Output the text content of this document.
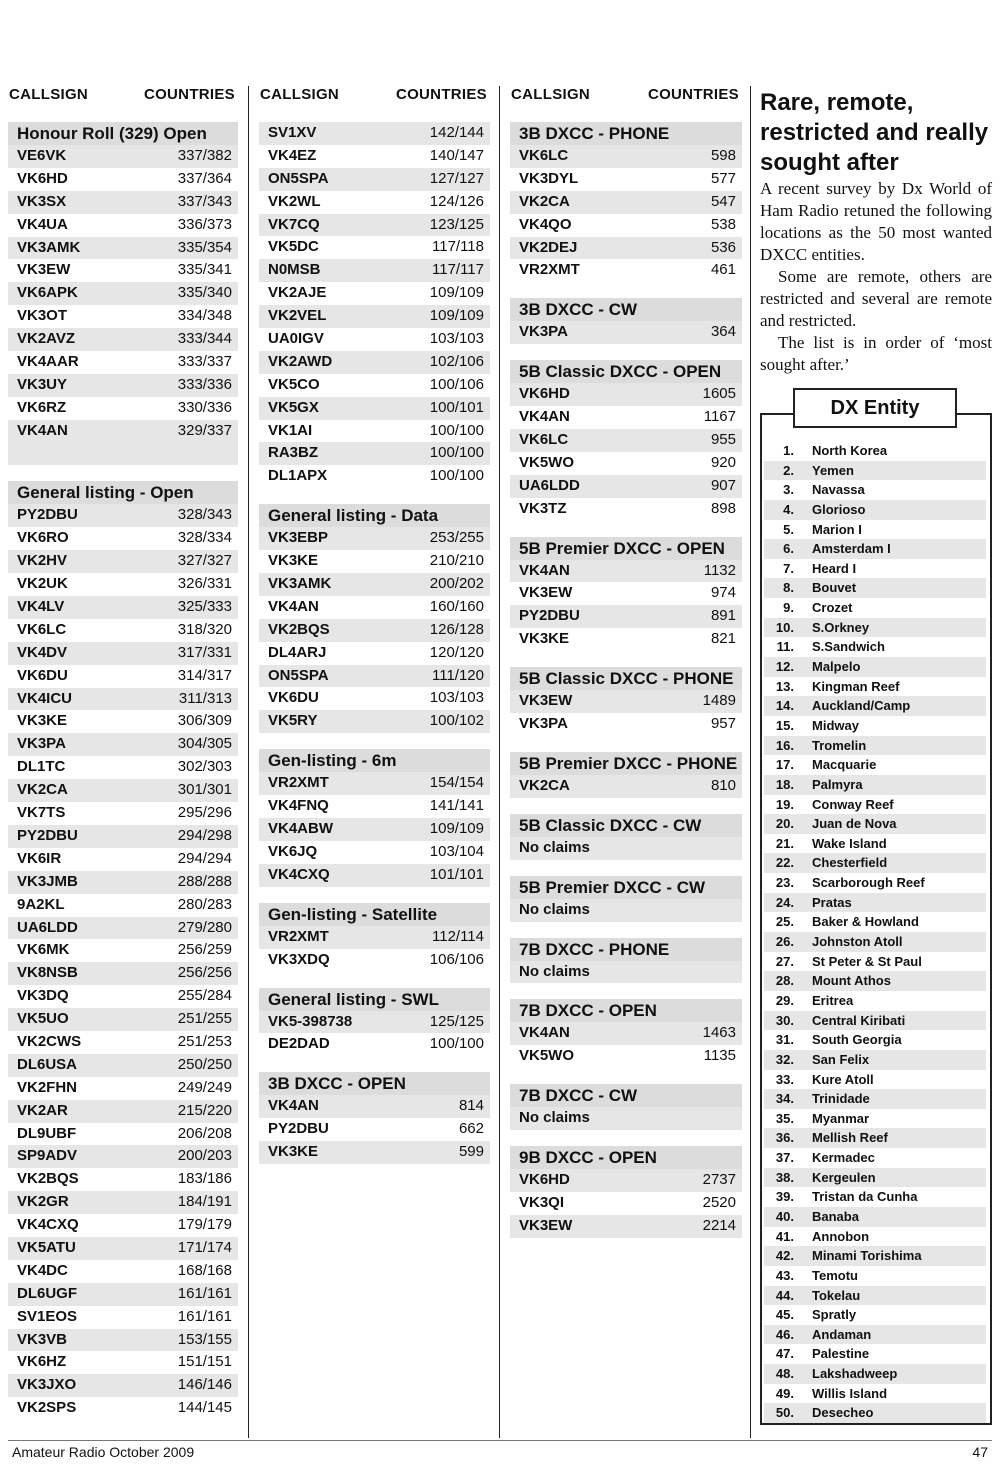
CALLSIGN	COUNTRIES
Honour Roll (329) Open
VE6VK	337/382
VK6HD	337/364
VK3SX	337/343
VK4UA	336/373
VK3AMK	335/354
VK3EW	335/341
VK6APK	335/340
VK3OT	334/348
VK2AVZ	333/344
VK4AAR	333/337
VK3UY	333/336
VK6RZ	330/336
VK4AN	329/337
General listing - Open
PY2DBU	328/343
VK6RO	328/334
VK2HV	327/327
VK2UK	326/331
VK4LV	325/333
VK6LC	318/320
VK4DV	317/331
VK6DU	314/317
VK4ICU	311/313
VK3KE	306/309
VK3PA	304/305
DL1TC	302/303
VK2CA	301/301
VK7TS	295/296
PY2DBU	294/298
VK6IR	294/294
VK3JMB	288/288
9A2KL	280/283
UA6LDD	279/280
VK6MK	256/259
VK8NSB	256/256
VK3DQ	255/284
VK5UO	251/255
VK2CWS	251/253
DL6USA	250/250
VK2FHN	249/249
VK2AR	215/220
DL9UBF	206/208
SP9ADV	200/203
VK2BQS	183/186
VK2GR	184/191
VK4CXQ	179/179
VK5ATU	171/174
VK4DC	168/168
DL6UGF	161/161
SV1EOS	161/161
VK3VB	153/155
VK6HZ	151/151
VK3JXO	146/146
VK2SPS	144/145
CALLSIGN	COUNTRIES
SV1XV	142/144
VK4EZ	140/147
ON5SPA	127/127
VK2WL	124/126
VK7CQ	123/125
VK5DC	117/118
N0MSB	117/117
VK2AJE	109/109
VK2VEL	109/109
UA0IGV	103/103
VK2AWD	102/106
VK5CO	100/106
VK5GX	100/101
VK1AI	100/100
RA3BZ	100/100
DL1APX	100/100
General listing - Data
VK3EBP	253/255
VK3KE	210/210
VK3AMK	200/202
VK4AN	160/160
VK2BQS	126/128
DL4ARJ	120/120
ON5SPA	111/120
VK6DU	103/103
VK5RY	100/102
Gen-listing - 6m
VR2XMT	154/154
VK4FNQ	141/141
VK4ABW	109/109
VK6JQ	103/104
VK4CXQ	101/101
Gen-listing - Satellite
VR2XMT	112/114
VK3XDQ	106/106
General listing - SWL
VK5-398738	125/125
DE2DAD	100/100
3B DXCC - OPEN
VK4AN	814
PY2DBU	662
VK3KE	599
CALLSIGN	COUNTRIES
3B DXCC - PHONE
VK6LC	598
VK3DYL	577
VK2CA	547
VK4QO	538
VK2DEJ	536
VR2XMT	461
3B DXCC - CW
VK3PA	364
5B Classic DXCC - OPEN
VK6HD	1605
VK4AN	1167
VK6LC	955
VK5WO	920
UA6LDD	907
VK3TZ	898
5B Premier DXCC - OPEN
VK4AN	1132
VK3EW	974
PY2DBU	891
VK3KE	821
5B Classic DXCC - PHONE
VK3EW	1489
VK3PA	957
5B Premier DXCC - PHONE
VK2CA	810
5B Classic DXCC - CW
No claims
5B Premier DXCC - CW
No claims
7B DXCC - PHONE
No claims
7B DXCC - OPEN
VK4AN	1463
VK5WO	1135
7B DXCC - CW
No claims
9B DXCC - OPEN
VK6HD	2737
VK3QI	2520
VK3EW	2214
Rare, remote, restricted and really sought after

A recent survey by Dx World of Ham Radio retuned the following locations as the 50 most wanted DXCC entities.

Some are remote, others are restricted and several are remote and restricted.

The list is in order of ‘most sought after.’

DX Entity
1.	North Korea
2.	Yemen
3.	Navassa
4.	Glorioso
5.	Marion I
6.	Amsterdam I
7.	Heard I
8.	Bouvet
9.	Crozet
10.	S.Orkney
11.	S.Sandwich
12.	Malpelo
13.	Kingman Reef
14.	Auckland/Camp
15.	Midway
16.	Tromelin
17.	Macquarie
18.	Palmyra
19.	Conway Reef
20.	Juan de Nova
21.	Wake Island
22.	Chesterfield
23.	Scarborough Reef
24.	Pratas
25.	Baker & Howland
26.	Johnston Atoll
27.	St Peter & St Paul
28.	Mount Athos
29.	Eritrea
30.	Central Kiribati
31.	South Georgia
32.	San Felix
33.	Kure Atoll
34.	Trinidade
35.	Myanmar
36.	Mellish Reef
37.	Kermadec
38.	Kergeulen
39.	Tristan da Cunha
40.	Banaba
41.	Annobon
42.	Minami Torishima
43.	Temotu
44.	Tokelau
45.	Spratly
46.	Andaman
47.	Palestine
48.	Lakshadweep
49.	Willis Island
50.	Desecheo
Amateur Radio October 2009	47
